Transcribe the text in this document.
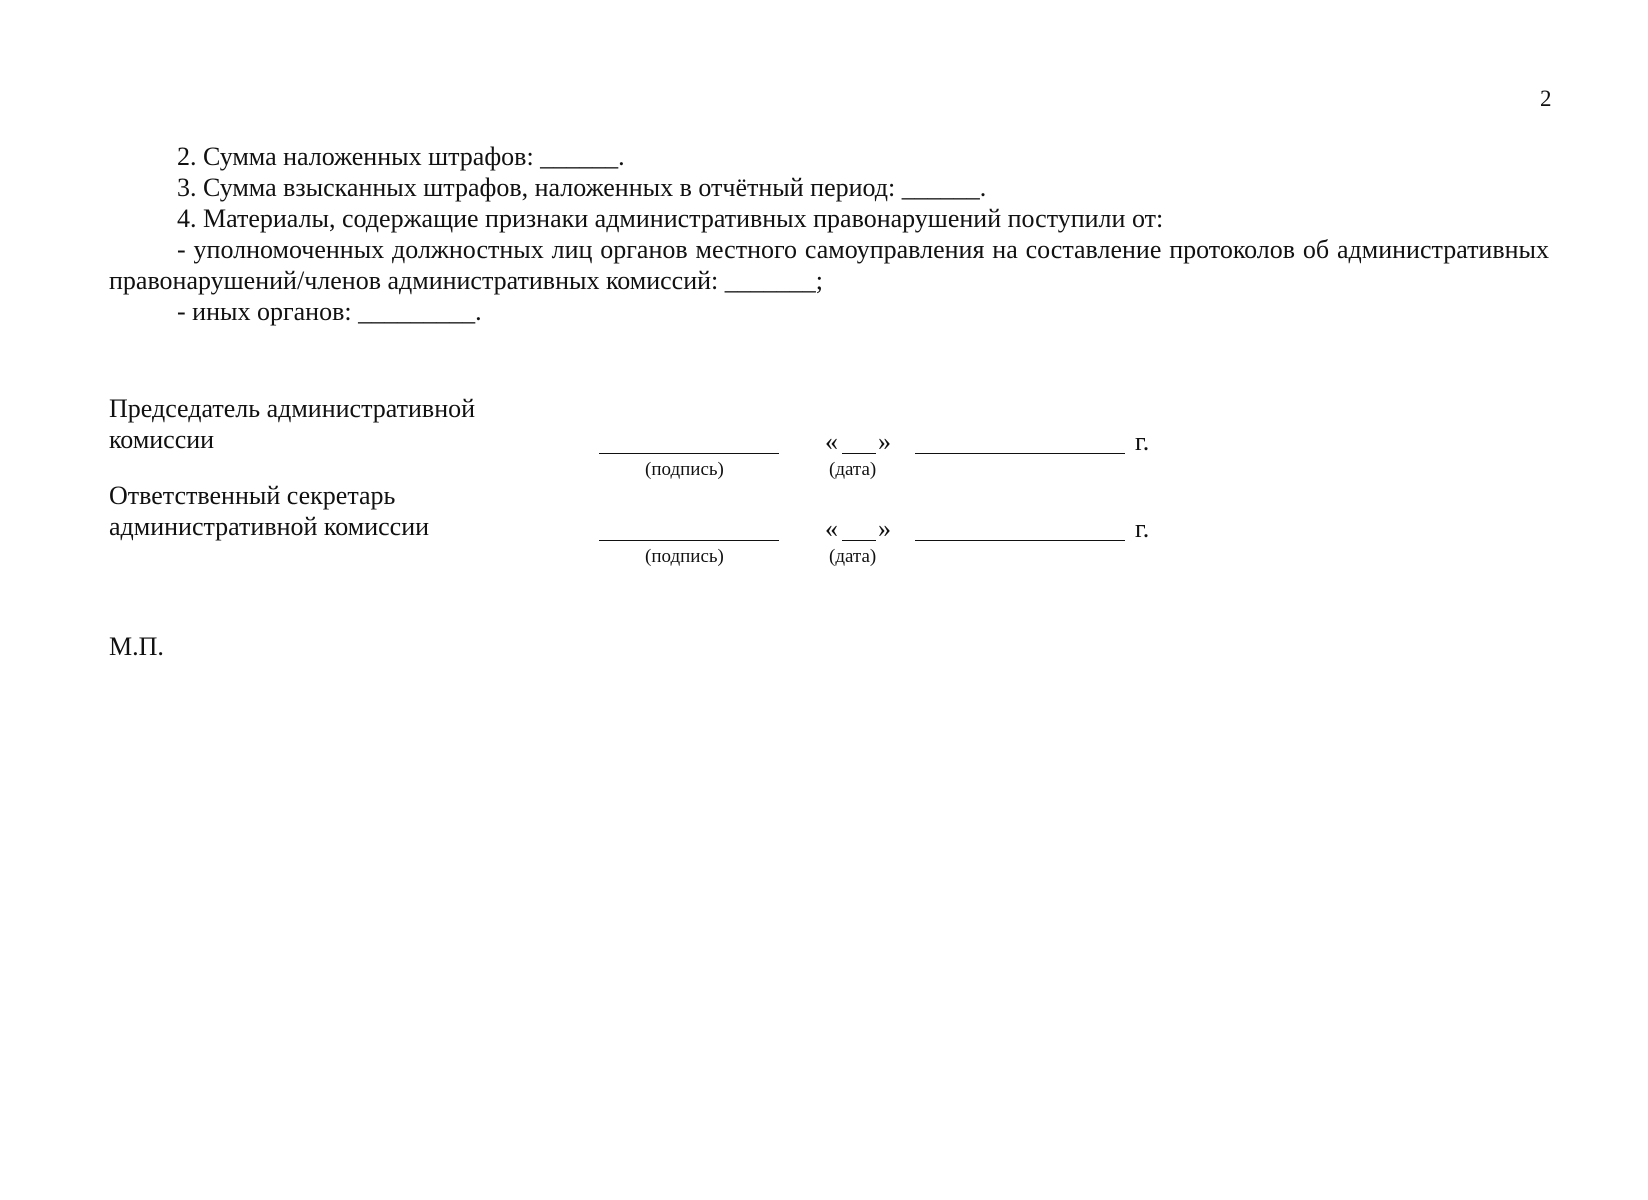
2

2. Сумма наложенных штрафов: ______.

3. Сумма взысканных штрафов, наложенных в отчётный период: ______.

4. Материалы, содержащие признаки административных правонарушений поступили от:

- уполномоченных должностных лиц органов местного самоуправления на составление протоколов об административных правонарушений/членов административных комиссий: _______;

- иных органов: _________.

Председатель административной
комиссии	« »	г.
(подпись)	(дата)
Ответственный секретарь
административной комиссии	« »	г.
(подпись)	(дата)
М.П.
